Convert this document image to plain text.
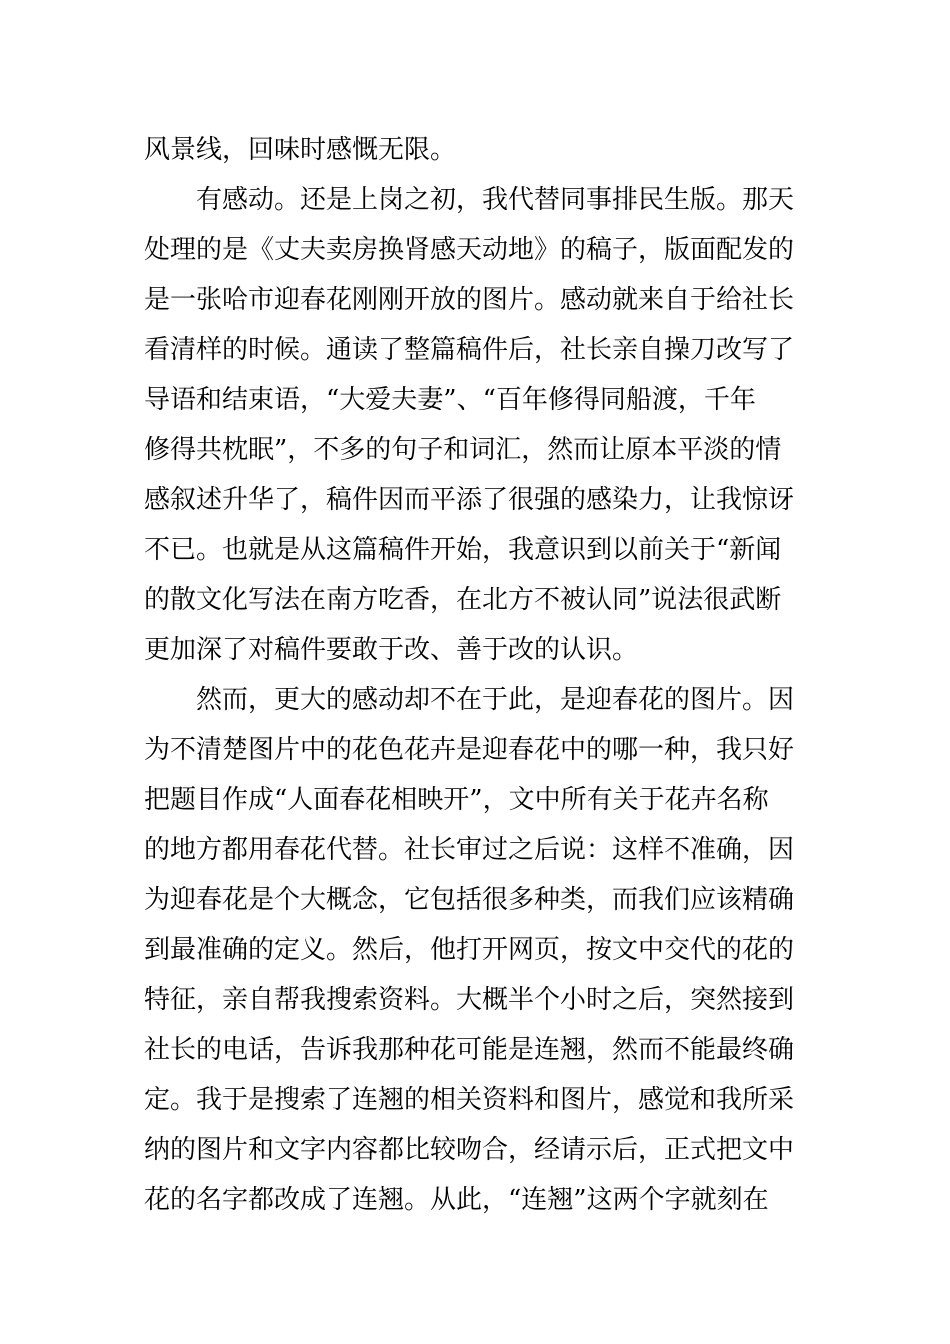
风景线，回味时感慨无限。
有感动。还是上岗之初，我代替同事排民生版。那天
处理的是《丈夫卖房换肾感天动地》的稿子，版面配发的
是一张哈市迎春花刚刚开放的图片。感动就来自于给社长
看清样的时候。通读了整篇稿件后，社长亲自操刀改写了
导语和结束语，“大爱夫妻”、“百年修得同船渡，千年
修得共枕眠”，不多的句子和词汇，然而让原本平淡的情
感叙述升华了，稿件因而平添了很强的感染力，让我惊讶
不已。也就是从这篇稿件开始，我意识到以前关于“新闻
的散文化写法在南方吃香，在北方不被认同”说法很武断
更加深了对稿件要敢于改、善于改的认识。
然而，更大的感动却不在于此，是迎春花的图片。因
为不清楚图片中的花色花卉是迎春花中的哪一种，我只好
把题目作成“人面春花相映开”，文中所有关于花卉名称
的地方都用春花代替。社长审过之后说：这样不准确，因
为迎春花是个大概念，它包括很多种类，而我们应该精确
到最准确的定义。然后，他打开网页，按文中交代的花的
特征，亲自帮我搜索资料。大概半个小时之后，突然接到
社长的电话，告诉我那种花可能是连翘，然而不能最终确
定。我于是搜索了连翘的相关资料和图片，感觉和我所采
纳的图片和文字内容都比较吻合，经请示后，正式把文中
花的名字都改成了连翘。从此，“连翘”这两个字就刻在
